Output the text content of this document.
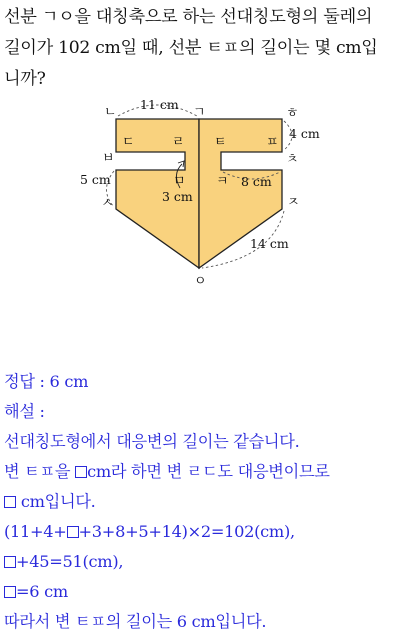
선분 ㄱㅇ을 대칭축으로 하는 선대칭도형의 둘레의
길이가 102 cm일 때, 선분 ㅌㅍ의 길이는 몇 cm입
니까?
11 cm
4 cm
8 cm
5 cm
3 cm
14 cm
ㄴ	ㄱ	ㅎ
ㄷ	ㄹ ㅌ	ㅍ
ㅂ
ㅁ ㅋ
ㅊ
ㅅ	ㅈ
ㅇ
정답 : 6 cm
해설 :
선대칭도형에서 대응변의 길이는 같습니다.
변 ㅌㅍ을 cm라 하면 변 ㄹㄷ도 대응변이므로
cm입니다.
(11+4+ +3+8+5+14)×2=102(cm),
+45=51(cm),
=6 cm
따라서 변 ㅌㅍ의 길이는 6 cm입니다.
